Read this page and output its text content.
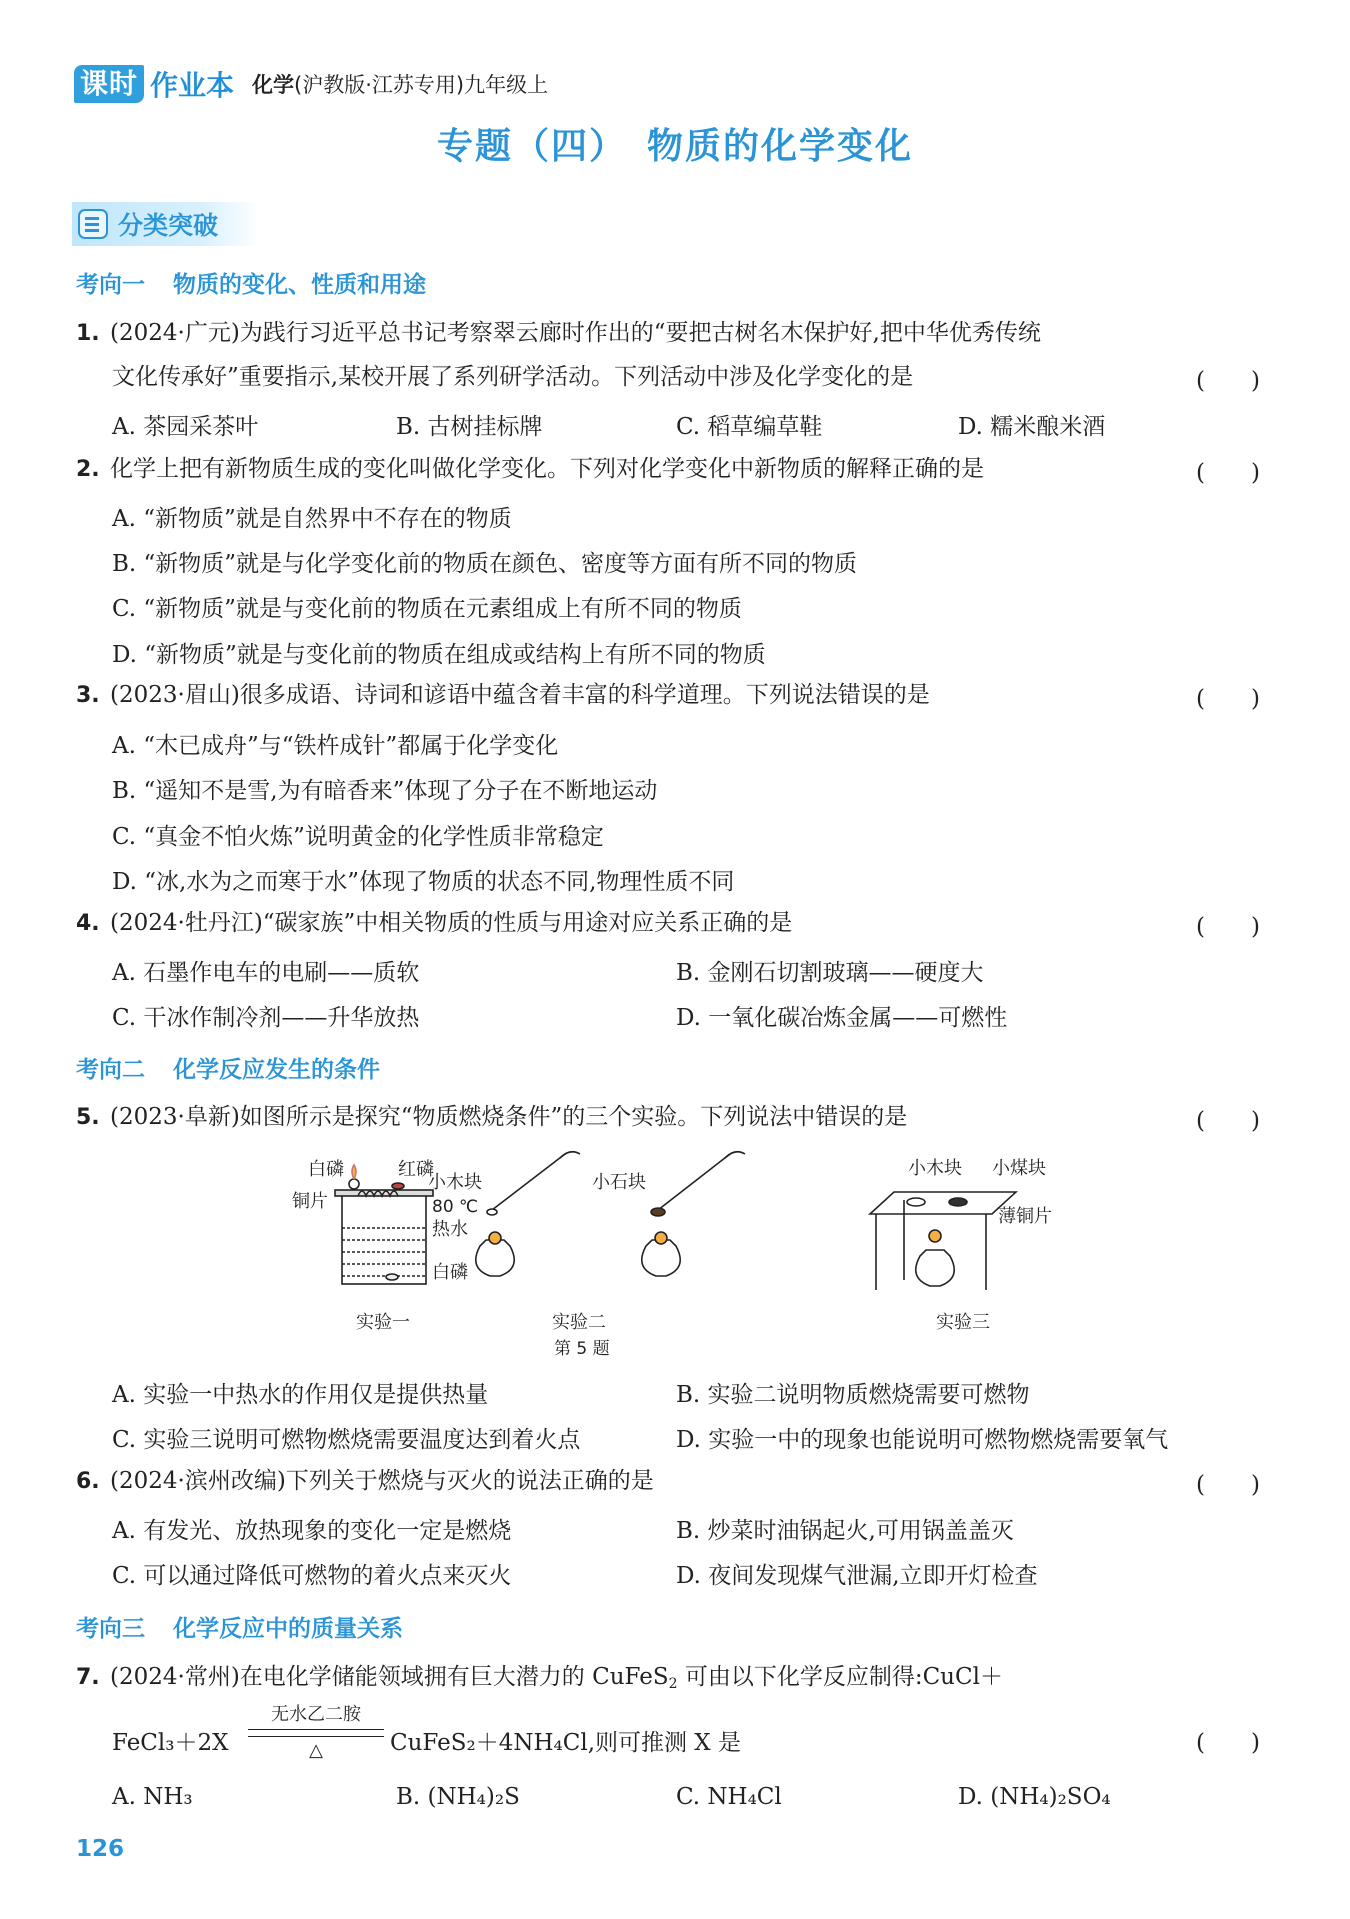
课时 作业本 化学(沪教版·江苏专用)九年级上
专题（四）　物质的化学变化
分类突破
考向一 物质的变化、性质和用途
1. (2024·广元)为践行习近平总书记考察翠云廊时作出的“要把古树名木保护好,把中华优秀传统
文化传承好”重要指示,某校开展了系列研学活动。下列活动中涉及化学变化的是	(　　)
A. 茶园采茶叶	B. 古树挂标牌	C. 稻草编草鞋	D. 糯米酿米酒
2. 化学上把有新物质生成的变化叫做化学变化。下列对化学变化中新物质的解释正确的是	(　　)
A. “新物质”就是自然界中不存在的物质
B. “新物质”就是与化学变化前的物质在颜色、密度等方面有所不同的物质
C. “新物质”就是与变化前的物质在元素组成上有所不同的物质
D. “新物质”就是与变化前的物质在组成或结构上有所不同的物质
3. (2023·眉山)很多成语、诗词和谚语中蕴含着丰富的科学道理。下列说法错误的是	(　　)
A. “木已成舟”与“铁杵成针”都属于化学变化
B. “遥知不是雪,为有暗香来”体现了分子在不断地运动
C. “真金不怕火炼”说明黄金的化学性质非常稳定
D. “冰,水为之而寒于水”体现了物质的状态不同,物理性质不同
4. (2024·牡丹江)“碳家族”中相关物质的性质与用途对应关系正确的是	(　　)
A. 石墨作电车的电刷——质软	B. 金刚石切割玻璃——硬度大
C. 干冰作制冷剂——升华放热	D. 一氧化碳冶炼金属——可燃性
考向二 化学反应发生的条件
5. (2023·阜新)如图所示是探究“物质燃烧条件”的三个实验。下列说法中错误的是	(　　)
白磷	红磷
铜片	80 ℃
热水
白磷
实验一
小木块	小石块
实验二
第 5 题
小木块 小煤块
薄铜片
实验三
A. 实验一中热水的作用仅是提供热量	B. 实验二说明物质燃烧需要可燃物
C. 实验三说明可燃物燃烧需要温度达到着火点	D. 实验一中的现象也能说明可燃物燃烧需要氧气
6. (2024·滨州改编)下列关于燃烧与灭火的说法正确的是	(　　)
A. 有发光、放热现象的变化一定是燃烧	B. 炒菜时油锅起火,可用锅盖盖灭
C. 可以通过降低可燃物的着火点来灭火	D. 夜间发现煤气泄漏,立即开灯检查
考向三 化学反应中的质量关系
7. (2024·常州)在电化学储能领域拥有巨大潜力的 CuFeS$_2$ 可由以下化学反应制得:CuCl＋
FeCl₃＋2X
无水乙二胺
△	CuFeS₂＋4NH₄Cl,则可推测 X 是	(　　)
A. NH₃	B. (NH₄)₂S	C. NH₄Cl	D. (NH₄)₂SO₄
126
